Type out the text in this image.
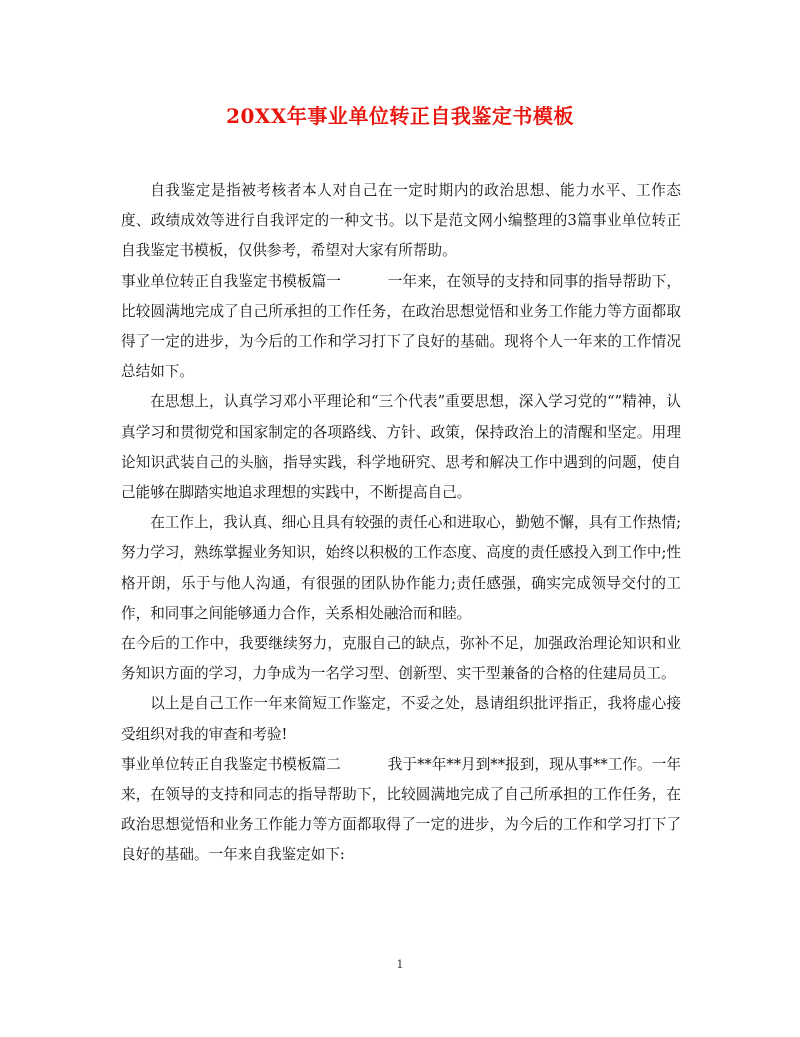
20XX年事业单位转正自我鉴定书模板

自我鉴定是指被考核者本人对自己在一定时期内的政治思想、能力水平、工作态度、政绩成效等进行自我评定的一种文书。以下是范文网小编整理的3篇事业单位转正自我鉴定书模板，仅供参考，希望对大家有所帮助。

事业单位转正自我鉴定书模板篇一	一年来，在领导的支持和同事的指导帮助下，比较圆满地完成了自己所承担的工作任务，在政治思想觉悟和业务工作能力等方面都取得了一定的进步，为今后的工作和学习打下了良好的基础。现将个人一年来的工作情况总结如下。

在思想上，认真学习邓小平理论和“三个代表”重要思想，深入学习党的“”精神，认真学习和贯彻党和国家制定的各项路线、方针、政策，保持政治上的清醒和坚定。用理论知识武装自己的头脑，指导实践，科学地研究、思考和解决工作中遇到的问题，使自己能够在脚踏实地追求理想的实践中，不断提高自己。

在工作上，我认真、细心且具有较强的责任心和进取心，勤勉不懈，具有工作热情;努力学习，熟练掌握业务知识，始终以积极的工作态度、高度的责任感投入到工作中;性格开朗，乐于与他人沟通，有很强的团队协作能力;责任感强，确实完成领导交付的工作，和同事之间能够通力合作，关系相处融洽而和睦。

在今后的工作中，我要继续努力，克服自己的缺点，弥补不足，加强政治理论知识和业务知识方面的学习，力争成为一名学习型、创新型、实干型兼备的合格的住建局员工。

以上是自己工作一年来简短工作鉴定，不妥之处，恳请组织批评指正，我将虚心接受组织对我的审查和考验!

事业单位转正自我鉴定书模板篇二	我于**年**月到**报到，现从事**工作。一年来，在领导的支持和同志的指导帮助下，比较圆满地完成了自己所承担的工作任务，在政治思想觉悟和业务工作能力等方面都取得了一定的进步，为今后的工作和学习打下了良好的基础。一年来自我鉴定如下:

1
